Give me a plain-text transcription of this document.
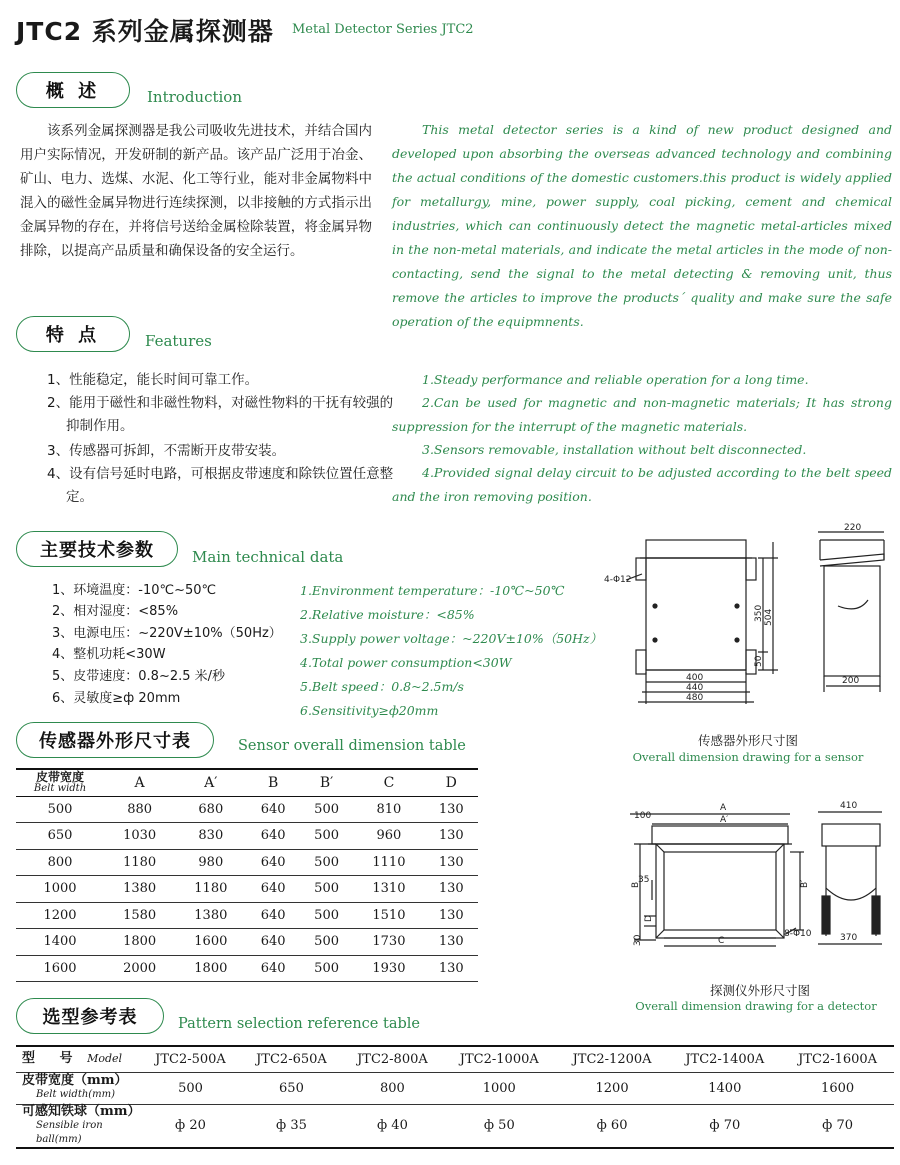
JTC2 系列金属探测器 Metal Detector Series JTC2
概 述	Introduction
该系列金属探测器是我公司吸收先进技术，并结合国内用户实际情况，开发研制的新产品。该产品广泛用于冶金、矿山、电力、选煤、水泥、化工等行业，能对非金属物料中混入的磁性金属异物进行连续探测，以非接触的方式指示出金属异物的存在，并将信号送给金属检除装置，将金属异物排除，以提高产品质量和确保设备的安全运行。
This metal detector series is a kind of new product designed and developed upon absorbing the overseas advanced technology and combining the actual conditions of the domestic customers.this product is widely applied for metallurgy, mine, power supply, coal picking, cement and chemical industries, which can continuously detect the magnetic metal-articles mixed in the non-metal materials, and indicate the metal articles in the mode of non-contacting, send the signal to the metal detecting & removing unit, thus remove the articles to improve the products´ quality and make sure the safe operation of the equipmnents.
特 点	Features
1、性能稳定，能长时间可靠工作。
2、能用于磁性和非磁性物料，对磁性物料的干抚有较强的抑制作用。
3、传感器可拆卸，不需断开皮带安装。
4、设有信号延时电路，可根据皮带速度和除铁位置任意整定。
1.Steady performance and reliable operation for a long time.
2.Can be used for magnetic and non-magnetic materials; It has strong suppression for the interrupt of the magnetic materials.
3.Sensors removable, installation without belt disconnected.
4.Provided signal delay circuit to be adjusted according to the belt speed and the iron removing position.
主要技术参数	Main technical data
1、环境温度：-10℃~50℃
2、相对湿度：<85%
3、电源电压：~220V±10%（50Hz）
4、整机功耗<30W
5、皮带速度：0.8~2.5 米/秒
6、灵敏度≥ф 20mm
1.Environment temperature：-10℃~50℃
2.Relative moisture：<85%
3.Supply power voltage：~220V±10%（50Hz）
4.Total power consumption<30W
5.Belt speed：0.8~2.5m/s
6.Sensitivity≥ф20mm
4-Φ12
400
440
480
350 504
50
220
200
传感器外形尺寸图
Overall dimension drawing for a sensor
传感器外形尺寸表	Sensor overall dimension table
皮带宽度
Belt width	A	A′	B	B′	C	D
500	880	680	640	500	810	130
650	1030	830	640	500	960	130
800	1180	980	640	500	1110	130
1000	1380	1180	640	500	1310	130
1200	1580	1380	640	500	1510	130
1400	1800	1600	640	500	1730	130
1600	2000	1800	640	500	1930	130
A
A′
B	B′
C
D
100
35
30
8-Φ10
410
370
探测仪外形尺寸图
Overall dimension drawing for a detector
选型参考表	Pattern selection reference table
型 号 Model	JTC2-500A	JTC2-650A	JTC2-800A	JTC2-1000A	JTC2-1200A	JTC2-1400A	JTC2-1600A
皮带宽度（mm）
Belt width(mm)	500	650	800	1000	1200	1400	1600
可感知铁球（mm）
Sensible iron ball(mm)	ф 20	ф 35	ф 40	ф 50	ф 60	ф 70	ф 70
